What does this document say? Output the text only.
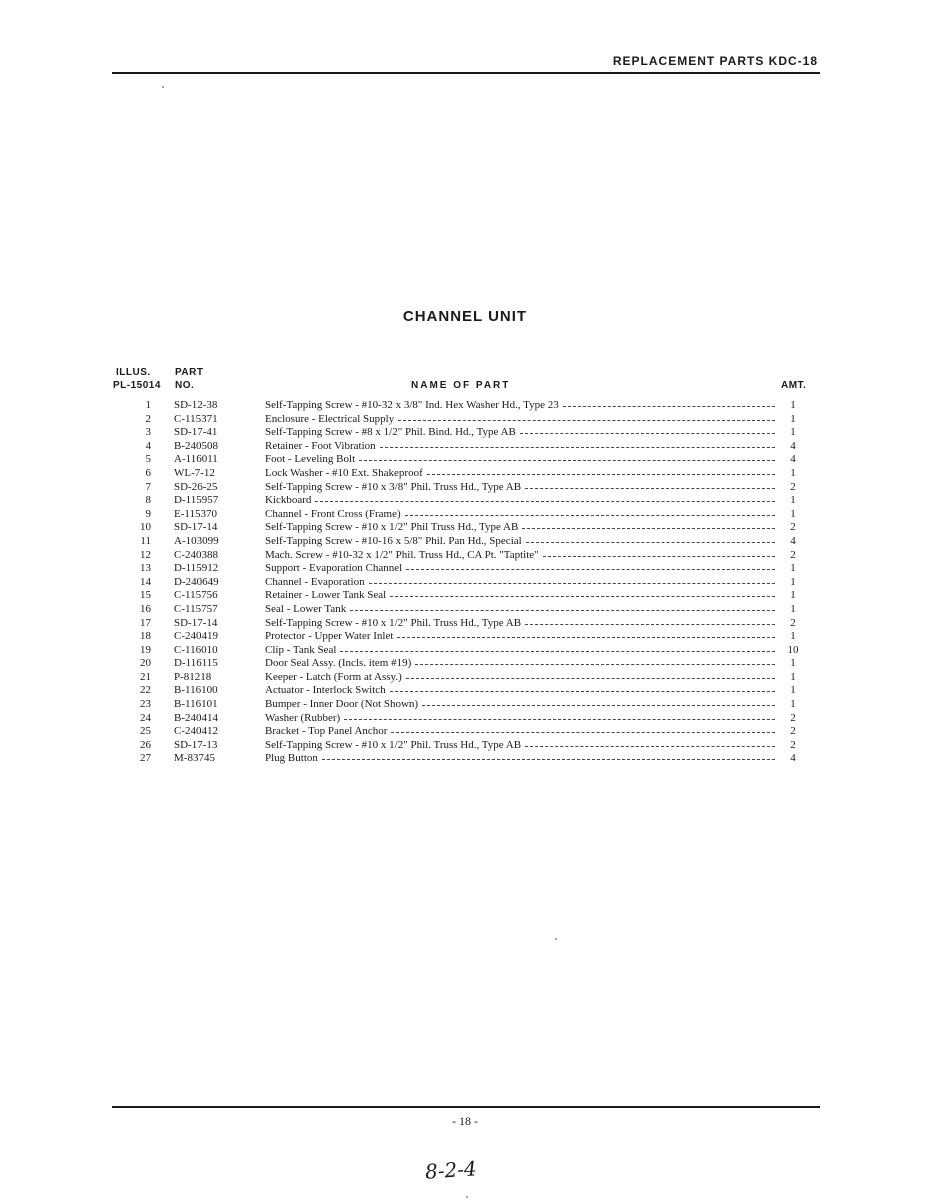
REPLACEMENT PARTS KDC-18
CHANNEL UNIT
ILLUS.
PL-15014
PART
NO.	NAME OF PART	AMT.
1 SD-12-38	Self-Tapping Screw - #10-32 x 3/8" Ind. Hex Washer Hd., Type 23	1
2 C-115371	Enclosure - Electrical Supply	1
3 SD-17-41	Self-Tapping Screw - #8 x 1/2" Phil. Bind. Hd., Type AB	1
4 B-240508	Retainer - Foot Vibration	4
5 A-116011	Foot - Leveling Bolt	4
6 WL-7-12	Lock Washer - #10 Ext. Shakeproof	1
7 SD-26-25	Self-Tapping Screw - #10 x 3/8" Phil. Truss Hd., Type AB	2
8 D-115957	Kickboard	1
9 E-115370	Channel - Front Cross (Frame)	1
10 SD-17-14	Self-Tapping Screw - #10 x 1/2" Phil Truss Hd., Type AB	2
11 A-103099	Self-Tapping Screw - #10-16 x 5/8" Phil. Pan Hd., Special	4
12 C-240388	Mach. Screw - #10-32 x 1/2" Phil. Truss Hd., CA Pt. "Taptite"	2
13 D-115912	Support - Evaporation Channel	1
14 D-240649	Channel - Evaporation	1
15 C-115756	Retainer - Lower Tank Seal	1
16 C-115757	Seal - Lower Tank	1
17 SD-17-14	Self-Tapping Screw - #10 x 1/2" Phil. Truss Hd., Type AB	2
18 C-240419	Protector - Upper Water Inlet	1
19 C-116010	Clip - Tank Seal	10
20 D-116115	Door Seal Assy. (Incls. item #19)	1
21 P-81218	Keeper - Latch (Form at Assy.)	1
22 B-116100	Actuator - Interlock Switch	1
23 B-116101	Bumper - Inner Door (Not Shown)	1
24 B-240414	Washer (Rubber)	2
25 C-240412	Bracket - Top Panel Anchor	2
26 SD-17-13	Self-Tapping Screw - #10 x 1/2" Phil. Truss Hd., Type AB	2
27 M-83745	Plug Button	4
- 18 -
8-2-4
